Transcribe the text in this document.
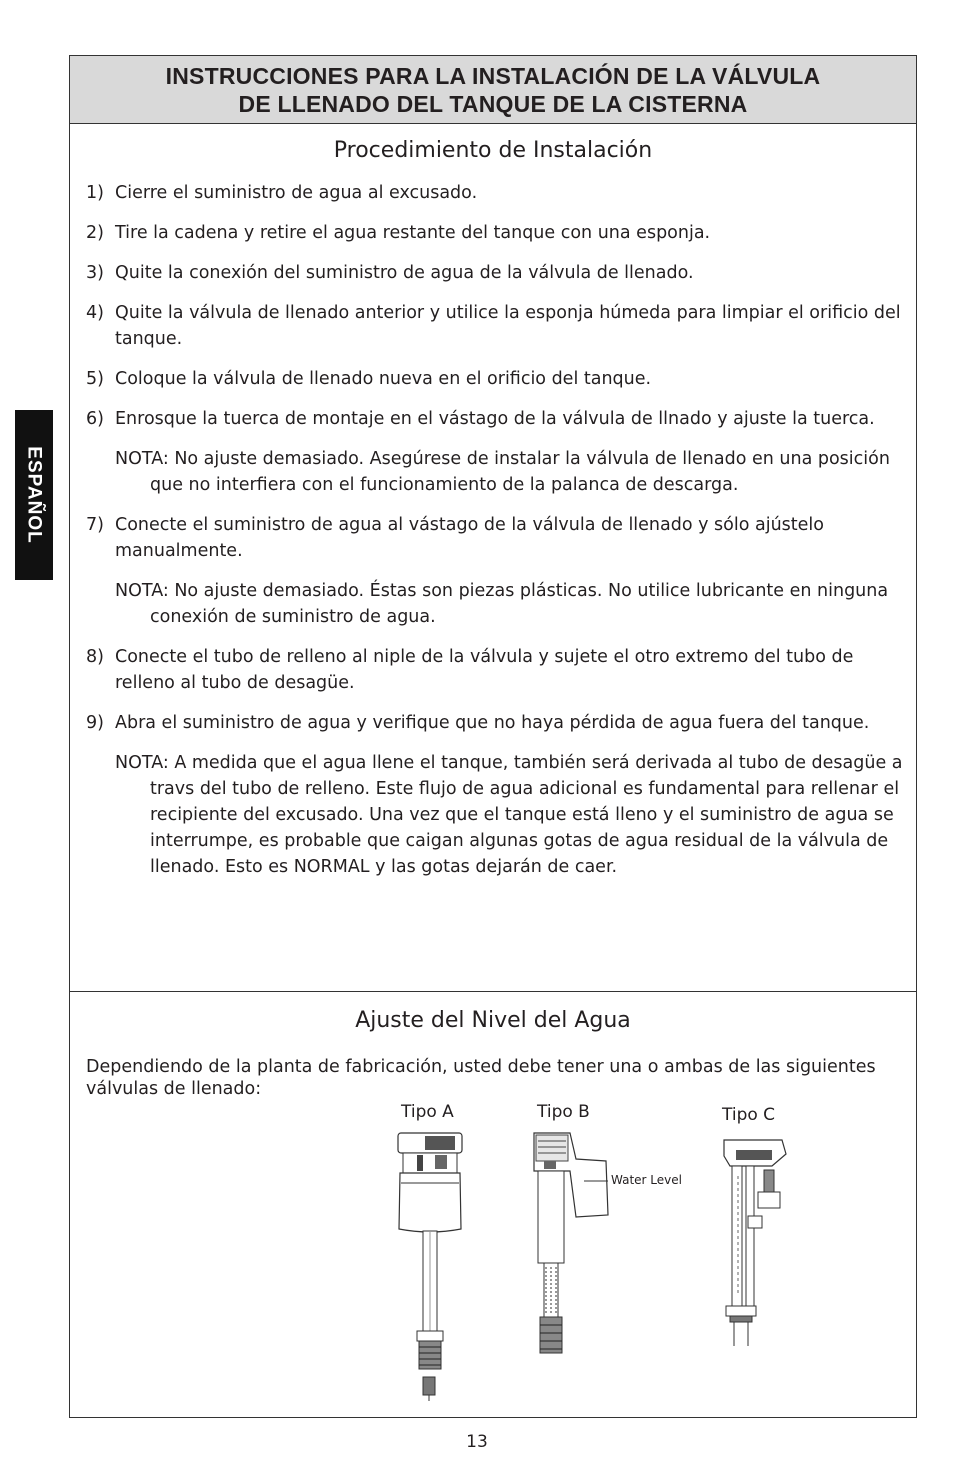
ESPAÑOL
INSTRUCCIONES PARA LA INSTALACIÓN DE LA VÁLVULA
DE LLENADO DEL TANQUE DE LA CISTERNA
Procedimiento de Instalación
1) Cierre el suministro de agua al excusado.
2) Tire la cadena y retire el agua restante del tanque con una esponja.
3) Quite la conexión del suministro de agua de la válvula de llenado.
4) Quite la válvula de llenado anterior y utilice la esponja húmeda para limpiar el orificio del tanque.
5) Coloque la válvula de llenado nueva en el orificio del tanque.
6) Enrosque la tuerca de montaje en el vástago de la válvula de llnado y ajuste la tuerca.
NOTA: No ajuste demasiado. Asegúrese de instalar la válvula de llenado en una posición que no interfiera con el funcionamiento de la palanca de descarga.
7) Conecte el suministro de agua al vástago de la válvula de llenado y sólo ajústelo manualmente.
NOTA: No ajuste demasiado. Éstas son piezas plásticas. No utilice lubricante en ninguna conexión de suministro de agua.
8) Conecte el tubo de relleno al niple de la válvula y sujete el otro extremo del tubo de relleno al tubo de desagüe.
9) Abra el suministro de agua y verifique que no haya pérdida de agua fuera del tanque.
NOTA: A medida que el agua llene el tanque, también será derivada al tubo de desagüe a travs del tubo de relleno. Este flujo de agua adicional es fundamental para rellenar el recipiente del excusado. Una vez que el tanque está lleno y el suministro de agua se interrumpe, es probable que caigan algunas gotas de agua residual de la válvula de llenado. Esto es NORMAL y las gotas dejarán de caer.
Ajuste del Nivel del Agua
Dependiendo de la planta de fabricación, usted debe tener una o ambas de las siguientes válvulas de llenado:
Tipo A	Tipo B	Tipo C
Water Level
13
